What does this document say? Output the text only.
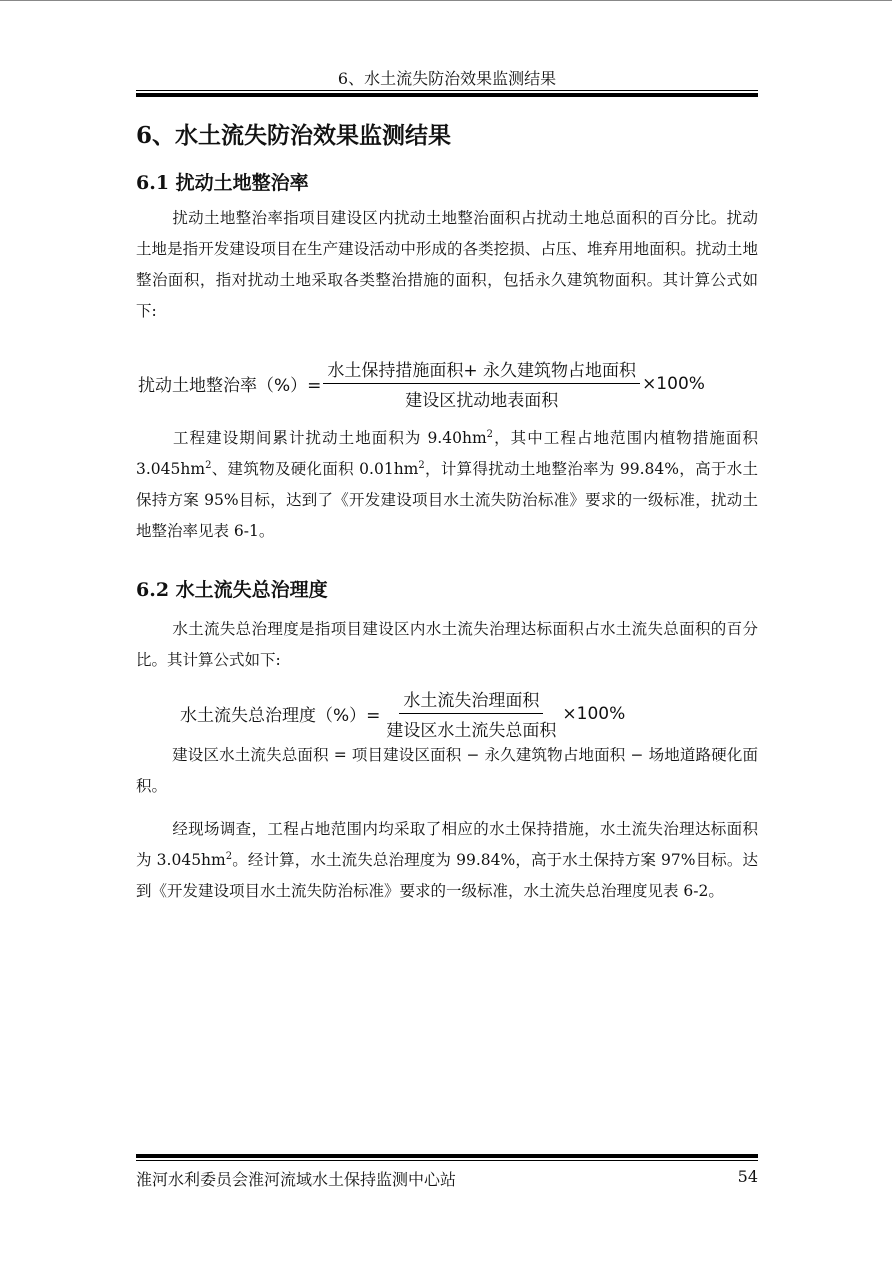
6、水土流失防治效果监测结果
6、水土流失防治效果监测结果
6.1 扰动土地整治率
扰动土地整治率指项目建设区内扰动土地整治面积占扰动土地总面积的百分比。扰动土地是指开发建设项目在生产建设活动中形成的各类挖损、占压、堆弃用地面积。扰动土地整治面积，指对扰动土地采取各类整治措施的面积，包括永久建筑物面积。其计算公式如下:
扰动土地整治率（%）= $\frac{\text{水土保持措施面积+ 永久建筑物占地面积}}{\text{建设区扰动地表面积}} \times 100\%$
工程建设期间累计扰动土地面积为 $9.40hm^2$，其中工程占地范围内植物措施面积 $3.045hm^2$、建筑物及硬化面积 $0.01hm^2$，计算得扰动土地整治率为 99.84%，高于水土保持方案 95%目标，达到了《开发建设项目水土流失防治标准》要求的一级标准，扰动土地整治率见表 6-1。
6.2 水土流失总治理度
水土流失总治理度是指项目建设区内水土流失治理达标面积占水土流失总面积的百分比。其计算公式如下:
水土流失总治理度（%）= $\frac{\text{水土流失治理面积}}{\text{建设区水土流失总面积}} \times 100\%$
建设区水土流失总面积 = 项目建设区面积 − 永久建筑物占地面积 − 场地道路硬化面积。
经现场调查，工程占地范围内均采取了相应的水土保持措施，水土流失治理达标面积为 $3.045hm^2$。经计算，水土流失总治理度为 99.84%，高于水土保持方案 97%目标。达到《开发建设项目水土流失防治标准》要求的一级标准，水土流失总治理度见表 6-2。
淮河水利委员会淮河流域水土保持监测中心站	54
